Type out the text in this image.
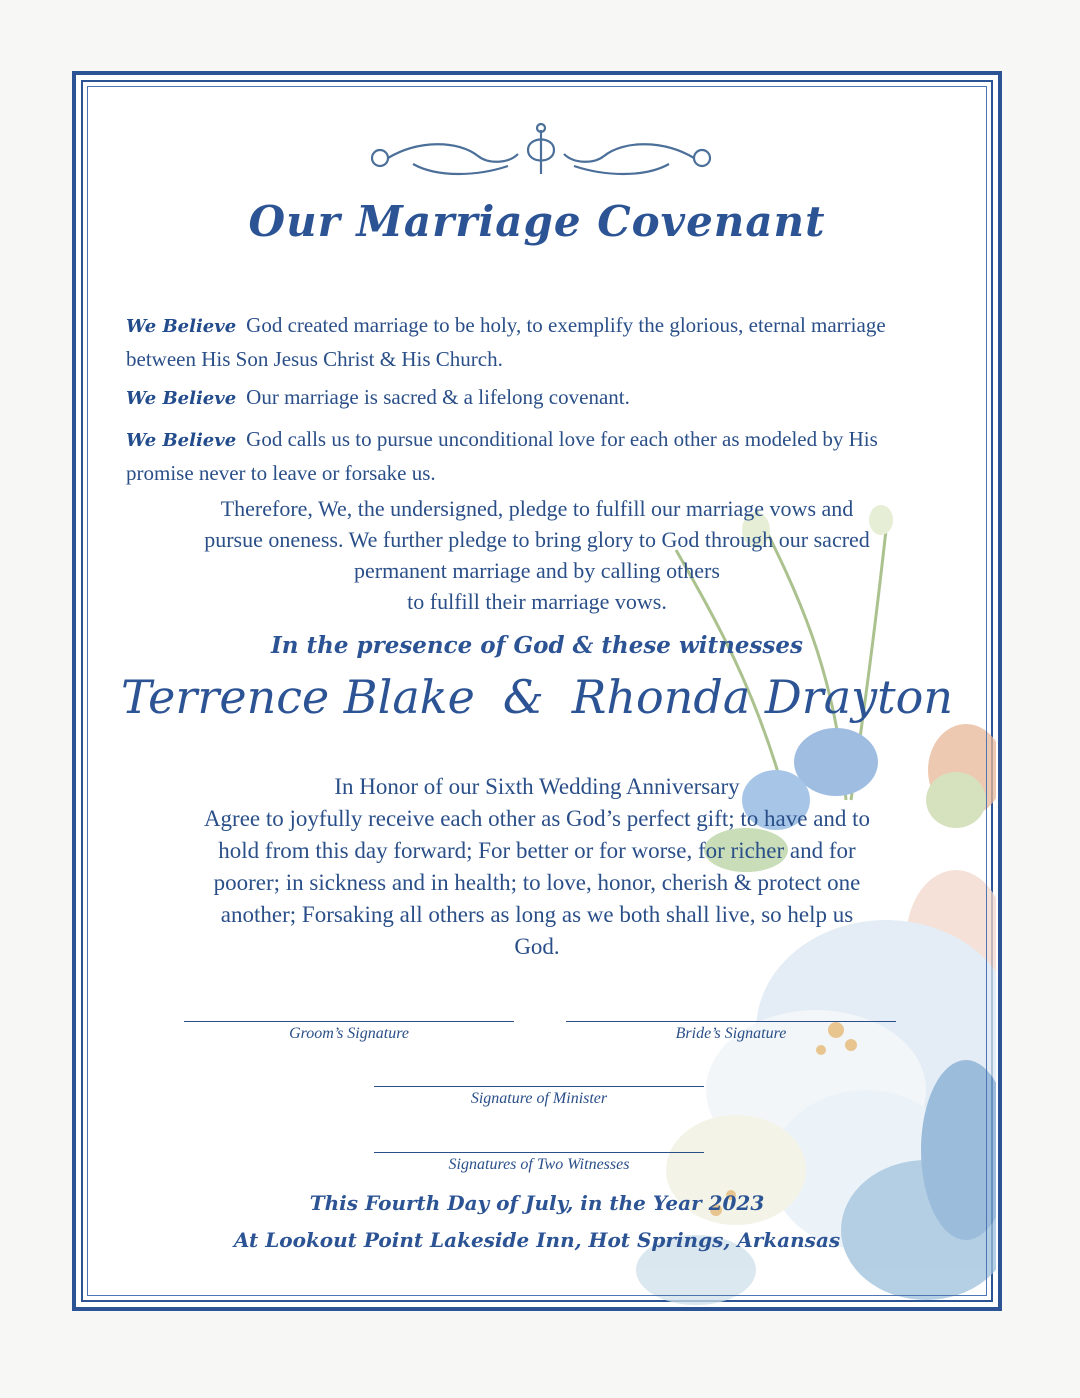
Our Marriage Covenant
We Believe God created marriage to be holy, to exemplify the glorious, eternal marriage between His Son Jesus Christ & His Church.
We Believe Our marriage is sacred & a lifelong covenant.
We Believe God calls us to pursue unconditional love for each other as modeled by His promise never to leave or forsake us.
Therefore, We, the undersigned, pledge to fulfill our marriage vows and
pursue oneness. We further pledge to bring glory to God through our sacred
permanent marriage and by calling others
to fulfill their marriage vows.
In the presence of God & these witnesses
Terrence Blake & Rhonda Drayton
In Honor of our Sixth Wedding Anniversary
Agree to joyfully receive each other as God’s perfect gift; to have and to
hold from this day forward; For better or for worse, for richer and for
poorer; in sickness and in health; to love, honor, cherish & protect one
another; Forsaking all others as long as we both shall live, so help us
God.
Groom’s Signature	Bride’s Signature
Signature of Minister
Signatures of Two Witnesses
This Fourth Day of July, in the Year 2023
At Lookout Point Lakeside Inn, Hot Springs, Arkansas
